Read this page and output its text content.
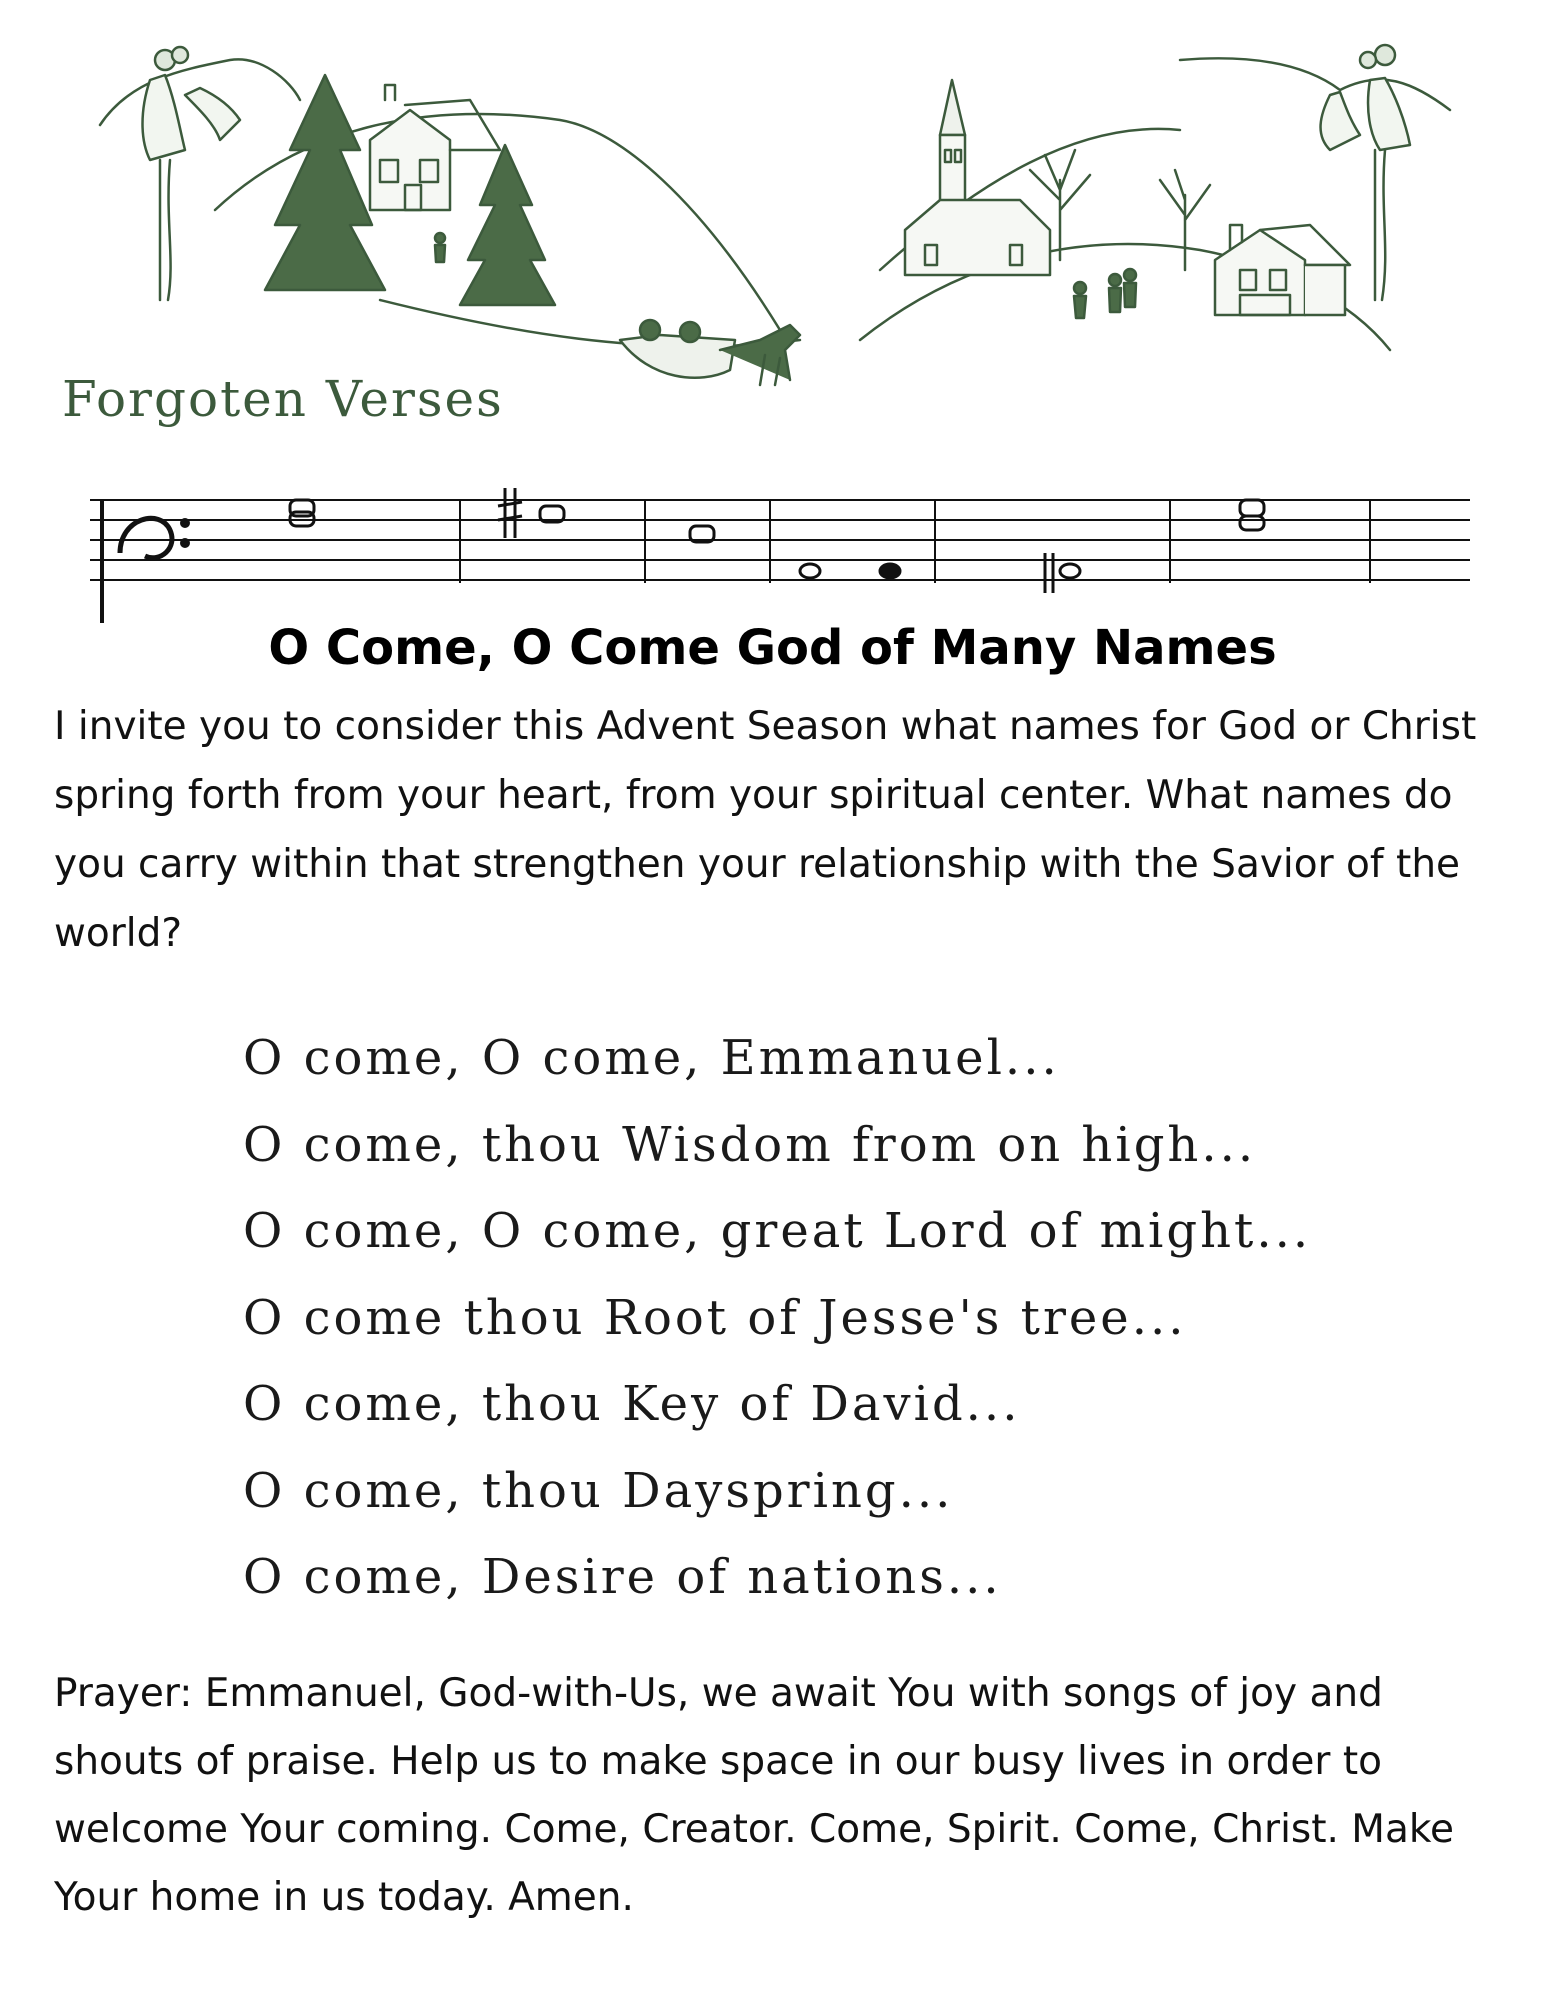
Forgoten Verses
O Come, O Come God of Many Names

I invite you to consider this Advent Season what names for God or Christ spring forth from your heart, from your spiritual center. What names do you carry within that strengthen your relationship with the Savior of the world?

O come, O come, Emmanuel...
O come, thou Wisdom from on high...
O come, O come, great Lord of might...
O come thou Root of Jesse's tree...
O come, thou Key of David...
O come, thou Dayspring...
O come, Desire of nations...

Prayer: Emmanuel, God-with-Us, we await You with songs of joy and shouts of praise. Help us to make space in our busy lives in order to welcome Your coming. Come, Creator. Come, Spirit. Come, Christ. Make Your home in us today. Amen.
